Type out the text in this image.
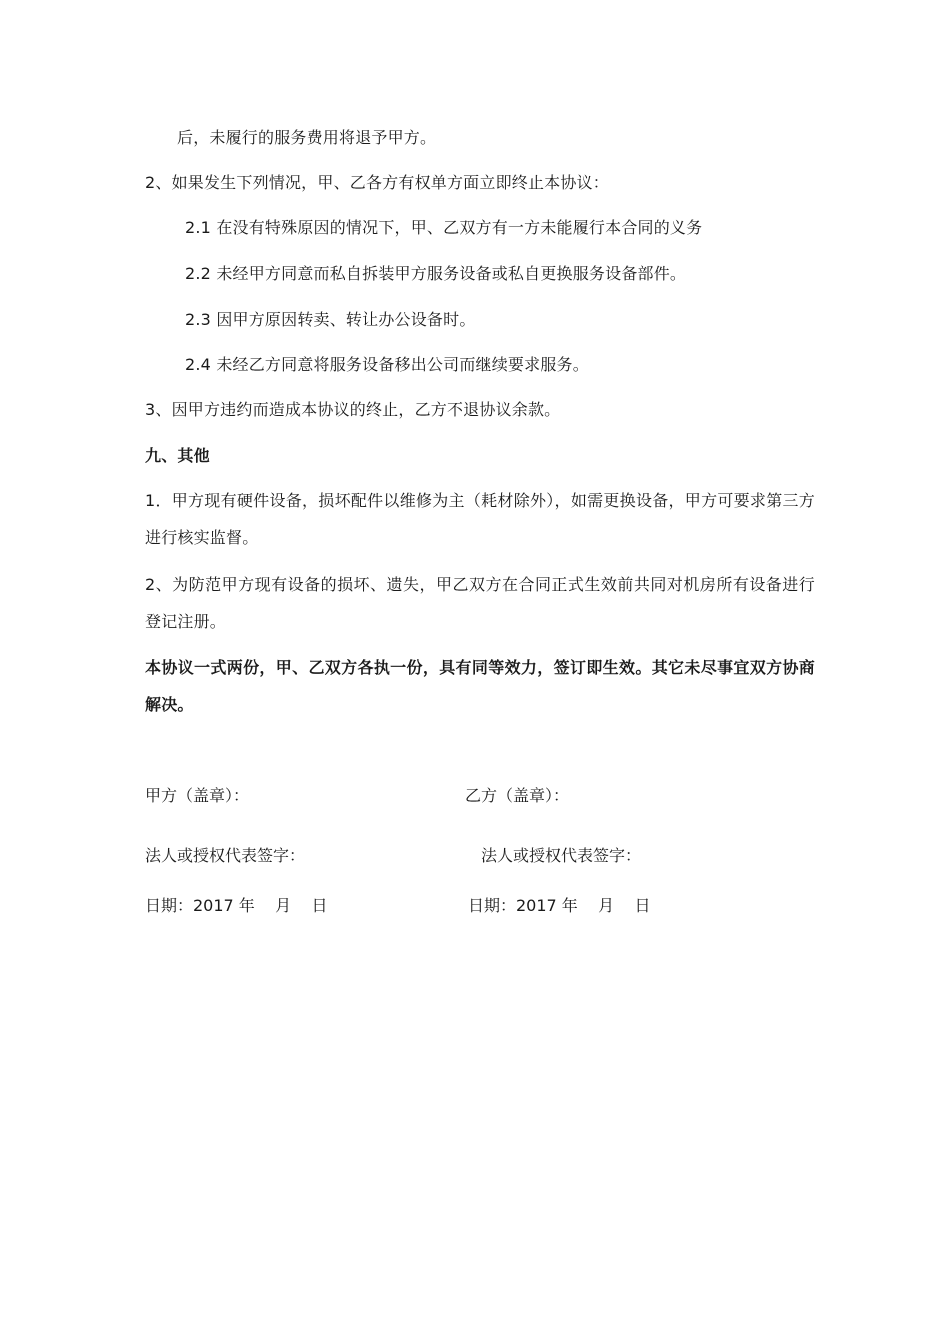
后，未履行的服务费用将退予甲方。
2、如果发生下列情况，甲、乙各方有权单方面立即终止本协议：
2.1 在没有特殊原因的情况下，甲、乙双方有一方未能履行本合同的义务
2.2 未经甲方同意而私自拆装甲方服务设备或私自更换服务设备部件。
2.3 因甲方原因转卖、转让办公设备时。
2.4 未经乙方同意将服务设备移出公司而继续要求服务。
3、因甲方违约而造成本协议的终止，乙方不退协议余款。
九、其他
1．甲方现有硬件设备，损坏配件以维修为主（耗材除外），如需更换设备，甲方可要求第三方进行核实监督。
2、为防范甲方现有设备的损坏、遗失，甲乙双方在合同正式生效前共同对机房所有设备进行登记注册。
本协议一式两份，甲、乙双方各执一份，具有同等效力，签订即生效。其它未尽事宜双方协商解决。
甲方（盖章）：	乙方（盖章）：
法人或授权代表签字：	法人或授权代表签字：
日期：2017 年    月    日	日期：2017 年    月    日
